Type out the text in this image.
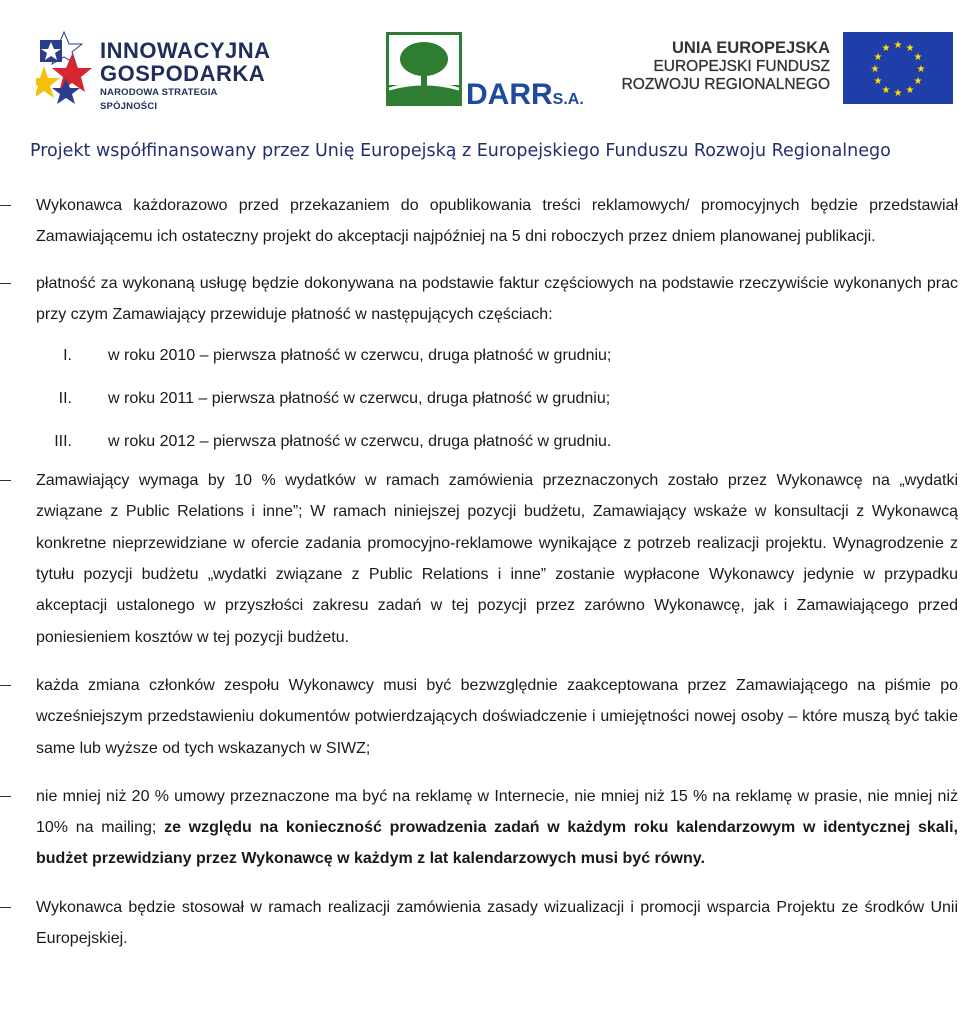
INNOWACYJNA
GOSPODARKA
NARODOWA STRATEGIA SPÓJNOŚCI	DARRS.A.
UNIA EUROPEJSKA
EUROPEJSKI FUNDUSZ
ROZWOJU REGIONALNEGO
★ ★
★
★
★
★
★
★
★
★
★
★
Projekt współfinansowany przez Unię Europejską z Europejskiego Funduszu Rozwoju Regionalnego
Wykonawca każdorazowo przed przekazaniem do opublikowania treści reklamowych/ promocyjnych będzie przedstawiał Zamawiającemu ich ostateczny projekt do akceptacji najpóźniej na 5 dni roboczych przez dniem planowanej publikacji.
płatność za wykonaną usługę będzie dokonywana na podstawie faktur częściowych na podstawie rzeczywiście wykonanych prac przy czym Zamawiający przewiduje płatność w następujących częściach:
I. w roku 2010 – pierwsza płatność w czerwcu, druga płatność w grudniu;
II. w roku 2011 – pierwsza płatność w czerwcu, druga płatność w grudniu;
III. w roku 2012 – pierwsza płatność w czerwcu, druga płatność w grudniu.
Zamawiający wymaga by 10 % wydatków w ramach zamówienia przeznaczonych zostało przez Wykonawcę na „wydatki związane z Public Relations i inne”; W ramach niniejszej pozycji budżetu, Zamawiający wskaże w konsultacji z Wykonawcą konkretne nieprzewidziane w ofercie zadania promocyjno-reklamowe wynikające z potrzeb realizacji projektu. Wynagrodzenie z tytułu pozycji budżetu „wydatki związane z Public Relations i inne” zostanie wypłacone Wykonawcy jedynie w przypadku akceptacji ustalonego w przyszłości zakresu zadań w tej pozycji przez zarówno Wykonawcę, jak i Zamawiającego przed poniesieniem kosztów w tej pozycji budżetu.
każda zmiana członków zespołu Wykonawcy musi być bezwzględnie zaakceptowana przez Zamawiającego na piśmie po wcześniejszym przedstawieniu dokumentów potwierdzających doświadczenie i umiejętności nowej osoby – które muszą być takie same lub wyższe od tych wskazanych w SIWZ;
nie mniej niż 20 % umowy przeznaczone ma być na reklamę w Internecie, nie mniej niż 15 % na reklamę w prasie, nie mniej niż 10% na mailing; ze względu na konieczność prowadzenia zadań w każdym roku kalendarzowym w identycznej skali, budżet przewidziany przez Wykonawcę w każdym z lat kalendarzowych musi być równy.
Wykonawca będzie stosował w ramach realizacji zamówienia zasady wizualizacji i promocji wsparcia Projektu ze środków Unii Europejskiej.
